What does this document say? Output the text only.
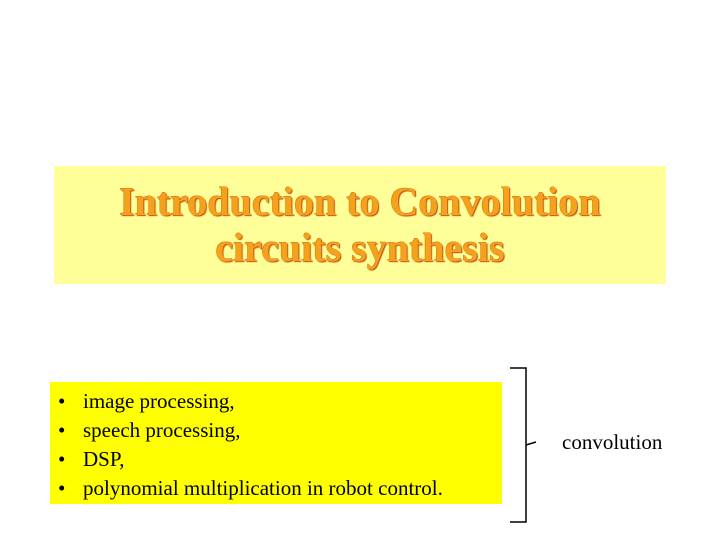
Introduction to Convolution
circuits synthesis
• image processing,
• speech processing,
• DSP,
• polynomial multiplication in robot control.
convolution
